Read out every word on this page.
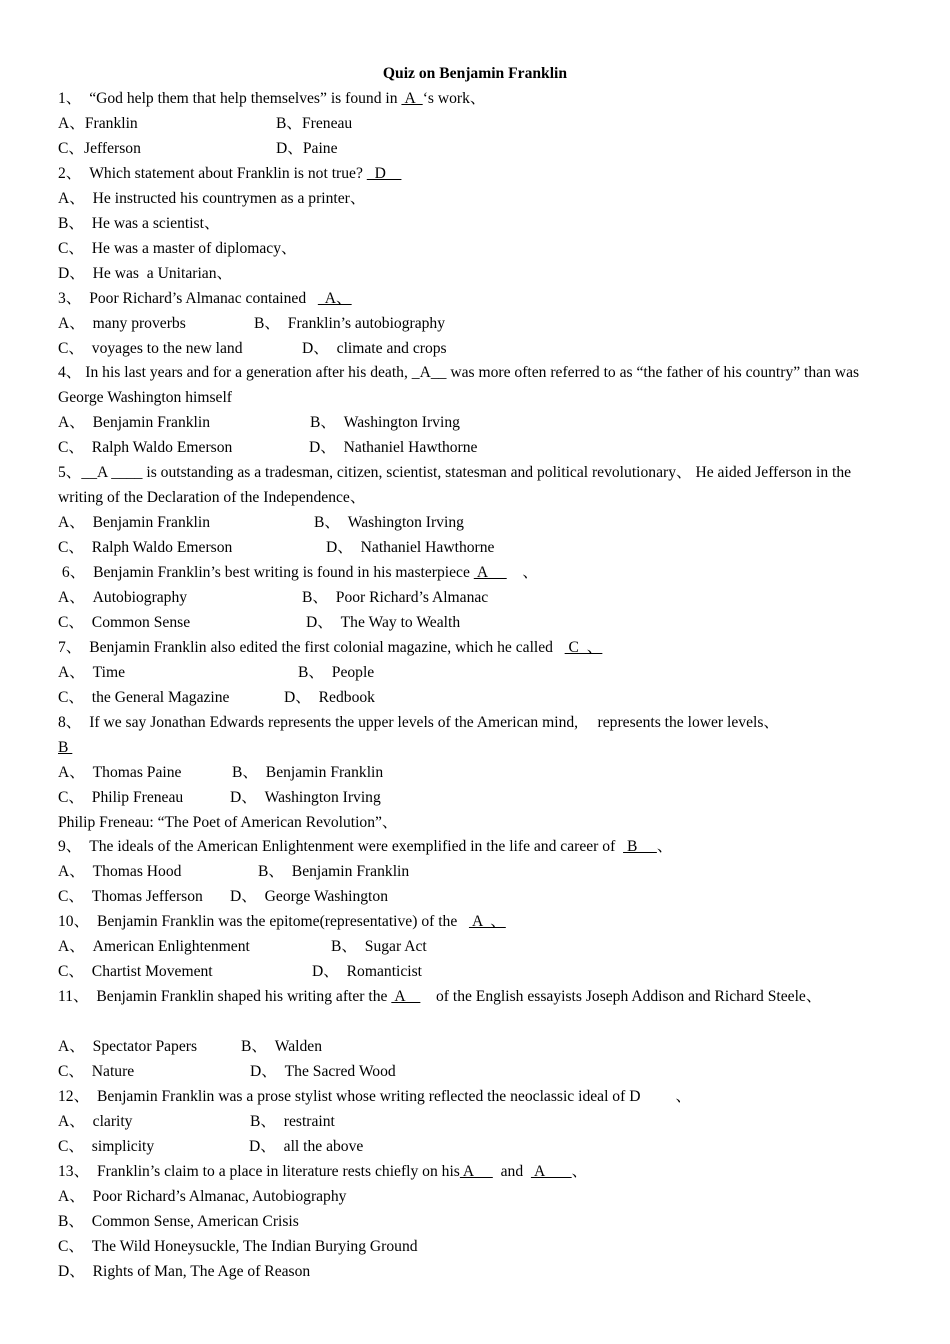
Quiz on Benjamin Franklin
1、  “God help them that help themselves” is found in  A  ‘s work、
A、Franklin	B、Freneau
C、Jefferson	D、Paine
2、  Which statement about Franklin is not true?   D
A、  He instructed his countrymen as a printer、
B、  He was a scientist、
C、  He was a master of diplomacy、
D、  He was  a Unitarian、
3、  Poor Richard’s Almanac contained     A、
A、  many proverbs	B、  Franklin’s autobiography
C、  voyages to the new land	D、  climate and crops
4、 In his last years and for a generation after his death, _A__ was more often referred to as “the father of his country” than was George Washington himself
A、  Benjamin Franklin	B、  Washington Irving
C、  Ralph Waldo Emerson	D、  Nathaniel Hawthorne
5、__A ____ is outstanding as a tradesman, citizen, scientist, statesman and political revolutionary、 He aided Jefferson in the writing of the Declaration of the Independence、
A、  Benjamin Franklin	B、  Washington Irving
C、  Ralph Waldo Emerson	D、  Nathaniel Hawthorne
6、  Benjamin Franklin’s best writing is found in his masterpiece  A         、
A、  Autobiography	B、  Poor Richard’s Almanac
C、  Common Sense	D、  The Way to Wealth
7、  Benjamin Franklin also edited the first colonial magazine, which he called    C  、
A、  Time	B、  People
C、  the General Magazine	D、  Redbook
8、  If we say Jonathan Edwards represents the upper levels of the American mind,     represents the lower levels、
B
A、  Thomas Paine	B、  Benjamin Franklin
C、  Philip Freneau	D、  Washington Irving
Philip Freneau: “The Poet of American Revolution”、
9、  The ideals of the American Enlightenment were exemplified in the life and career of   B     、
A、  Thomas Hood	B、  Benjamin Franklin
C、  Thomas Jefferson D、  George Washington
10、  Benjamin Franklin was the epitome(representative) of the    A  、
A、  American Enlightenment	B、  Sugar Act
C、  Chartist Movement	D、  Romanticist
11、  Benjamin Franklin shaped his writing after the  A        of the English essayists Joseph Addison and Richard Steele、
A、  Spectator Papers	B、  Walden
C、  Nature	D、  The Sacred Wood
12、  Benjamin Franklin was a prose stylist whose writing reflected the neoclassic ideal of D         、
A、  clarity	B、  restraint
C、  simplicity	D、  all the above
13、  Franklin’s claim to a place in literature rests chiefly on his A       and   A       、
A、  Poor Richard’s Almanac, Autobiography
B、  Common Sense, American Crisis
C、  The Wild Honeysuckle, The Indian Burying Ground
D、  Rights of Man, The Age of Reason
